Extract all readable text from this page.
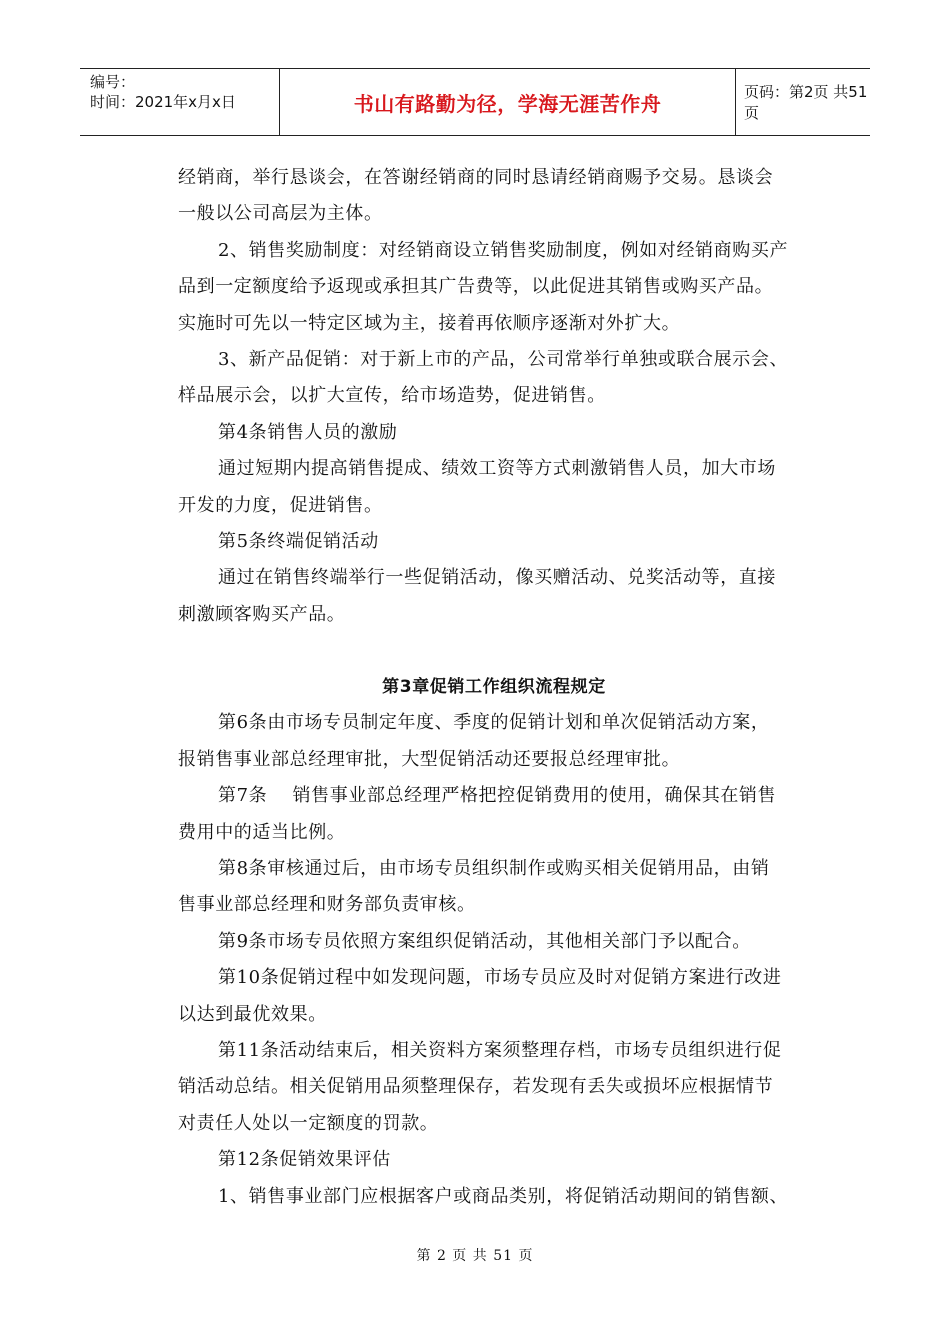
编号：
时间：2021年x月x日	书山有路勤为径，学海无涯苦作舟	页码：第2页 共51页
经销商，举行恳谈会，在答谢经销商的同时恳请经销商赐予交易。恳谈会
一般以公司高层为主体。
2、销售奖励制度：对经销商设立销售奖励制度，例如对经销商购买产
品到一定额度给予返现或承担其广告费等，以此促进其销售或购买产品。
实施时可先以一特定区域为主，接着再依顺序逐渐对外扩大。
3、新产品促销：对于新上市的产品，公司常举行单独或联合展示会、
样品展示会，以扩大宣传，给市场造势，促进销售。
第4条销售人员的激励
通过短期内提高销售提成、绩效工资等方式刺激销售人员，加大市场
开发的力度，促进销售。
第5条终端促销活动
通过在销售终端举行一些促销活动，像买赠活动、兑奖活动等，直接
刺激顾客购买产品。
第3章促销工作组织流程规定
第6条由市场专员制定年度、季度的促销计划和单次促销活动方案，
报销售事业部总经理审批，大型促销活动还要报总经理审批。
第7条    销售事业部总经理严格把控促销费用的使用，确保其在销售
费用中的适当比例。
第8条审核通过后，由市场专员组织制作或购买相关促销用品，由销
售事业部总经理和财务部负责审核。
第9条市场专员依照方案组织促销活动，其他相关部门予以配合。
第10条促销过程中如发现问题，市场专员应及时对促销方案进行改进
以达到最优效果。
第11条活动结束后，相关资料方案须整理存档，市场专员组织进行促
销活动总结。相关促销用品须整理保存，若发现有丢失或损坏应根据情节
对责任人处以一定额度的罚款。
第12条促销效果评估
1、销售事业部门应根据客户或商品类别，将促销活动期间的销售额、
第 2 页 共 51 页
